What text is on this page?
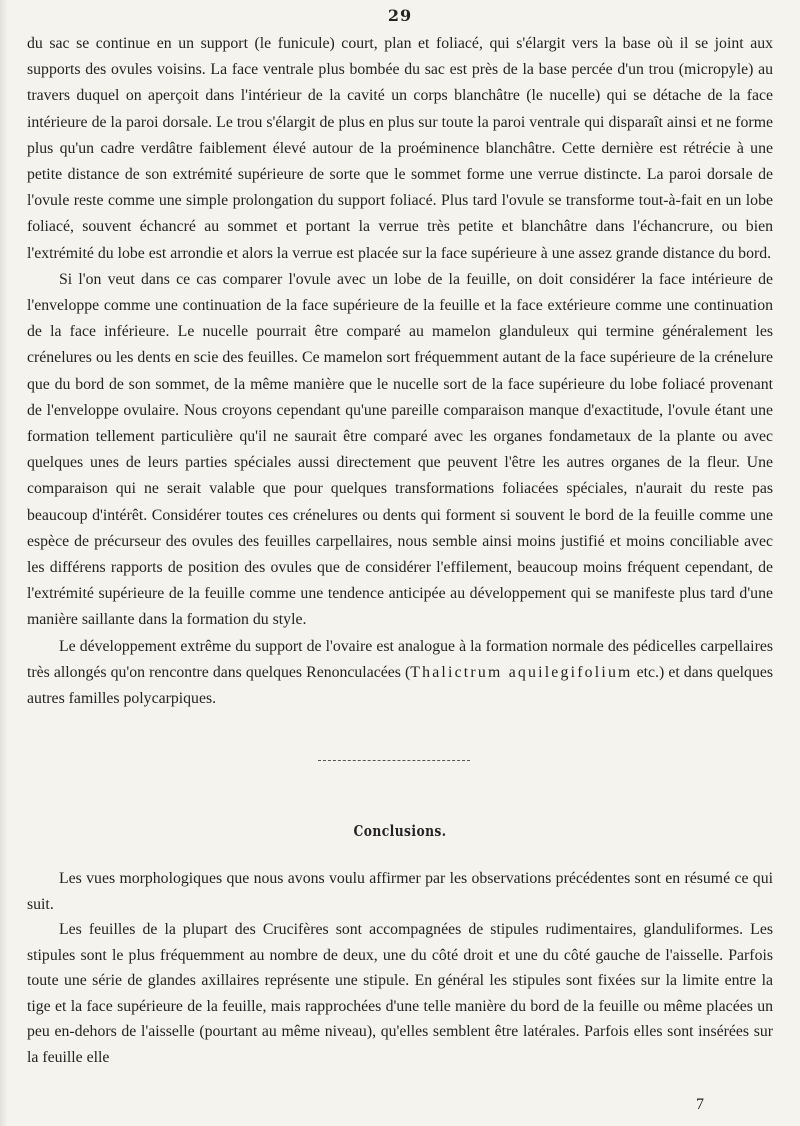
29

du sac se continue en un support (le funicule) court, plan et foliacé, qui s'élargit vers la base où il se joint aux supports des ovules voisins. La face ventrale plus bombée du sac est près de la base percée d'un trou (micropyle) au travers duquel on aperçoit dans l'intérieur de la cavité un corps blanchâtre (le nucelle) qui se détache de la face intérieure de la paroi dorsale. Le trou s'élargit de plus en plus sur toute la paroi ventrale qui disparaît ainsi et ne forme plus qu'un cadre verdâtre faiblement élevé autour de la proéminence blanchâtre. Cette dernière est rétrécie à une petite distance de son extrémité supérieure de sorte que le sommet forme une verrue distincte. La paroi dorsale de l'ovule reste comme une simple prolongation du support foliacé. Plus tard l'ovule se transforme tout-à-fait en un lobe foliacé, souvent échancré au sommet et portant la verrue très petite et blanchâtre dans l'échancrure, ou bien l'extrémité du lobe est arrondie et alors la verrue est placée sur la face supérieure à une assez grande distance du bord.

Si l'on veut dans ce cas comparer l'ovule avec un lobe de la feuille, on doit considérer la face intérieure de l'enveloppe comme une continuation de la face supérieure de la feuille et la face extérieure comme une continuation de la face inférieure. Le nucelle pourrait être comparé au mamelon glanduleux qui termine généralement les crénelures ou les dents en scie des feuilles. Ce mamelon sort fréquemment autant de la face supérieure de la crénelure que du bord de son sommet, de la même manière que le nucelle sort de la face supérieure du lobe foliacé provenant de l'enveloppe ovulaire. Nous croyons cependant qu'une pareille comparaison manque d'exactitude, l'ovule étant une formation tellement particulière qu'il ne saurait être comparé avec les organes fondametaux de la plante ou avec quelques unes de leurs parties spéciales aussi directement que peuvent l'être les autres organes de la fleur. Une comparaison qui ne serait valable que pour quelques transformations foliacées spéciales, n'aurait du reste pas beaucoup d'intérêt. Considérer toutes ces crénelures ou dents qui forment si souvent le bord de la feuille comme une espèce de précurseur des ovules des feuilles carpellaires, nous semble ainsi moins justifié et moins conciliable avec les différens rapports de position des ovules que de considérer l'effilement, beaucoup moins fréquent cependant, de l'extrémité supérieure de la feuille comme une tendence anticipée au développement qui se manifeste plus tard d'une manière saillante dans la formation du style.

Le développement extrême du support de l'ovaire est analogue à la formation normale des pédicelles carpellaires très allongés qu'on rencontre dans quelques Renonculacées (Thalictrum aquilegifolium etc.) et dans quelques autres familles polycarpiques.

Conclusions.

Les vues morphologiques que nous avons voulu affirmer par les observations précédentes sont en résumé ce qui suit.

Les feuilles de la plupart des Crucifères sont accompagnées de stipules rudimentaires, glanduliformes. Les stipules sont le plus fréquemment au nombre de deux, une du côté droit et une du côté gauche de l'aisselle. Parfois toute une série de glandes axillaires représente une stipule. En général les stipules sont fixées sur la limite entre la tige et la face supérieure de la feuille, mais rapprochées d'une telle manière du bord de la feuille ou même placées un peu en-dehors de l'aisselle (pourtant au même niveau), qu'elles semblent être latérales. Parfois elles sont insérées sur la feuille elle

7
